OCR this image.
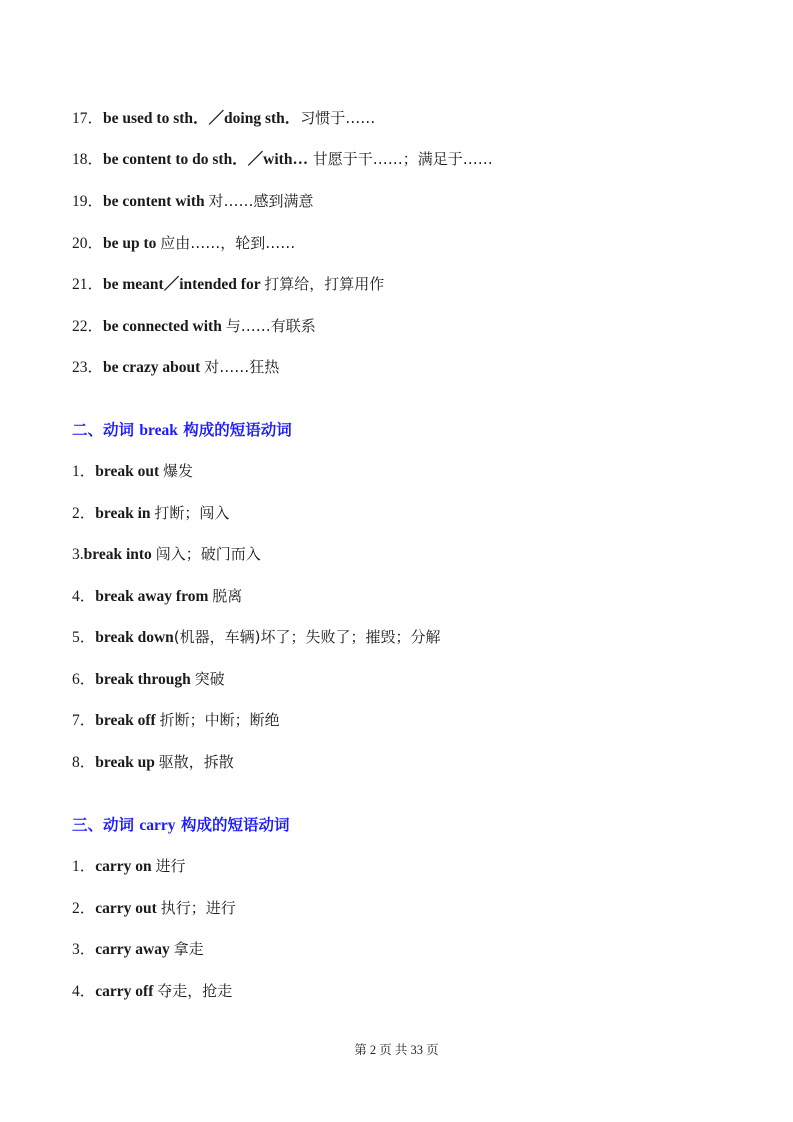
17．be used to sth．／doing sth．习惯于……
18．be content to do sth．／with… 甘愿于干……；满足于……
19．be content with 对……感到满意
20．be up to 应由……，轮到……
21．be meant／intended for 打算给，打算用作
22．be connected with 与……有联系
23．be crazy about 对……狂热
二、动词 break 构成的短语动词
1．break out 爆发
2．break in 打断；闯入
3.break into 闯入；破门而入
4．break away from 脱离
5．break down(机器，车辆)坏了；失败了；摧毁；分解
6．break through 突破
7．break off 折断；中断；断绝
8．break up 驱散，拆散
三、动词 carry 构成的短语动词
1．carry on 进行
2．carry out 执行；进行
3．carry away 拿走
4．carry off 夺走，抢走
第 2 页 共 33 页
